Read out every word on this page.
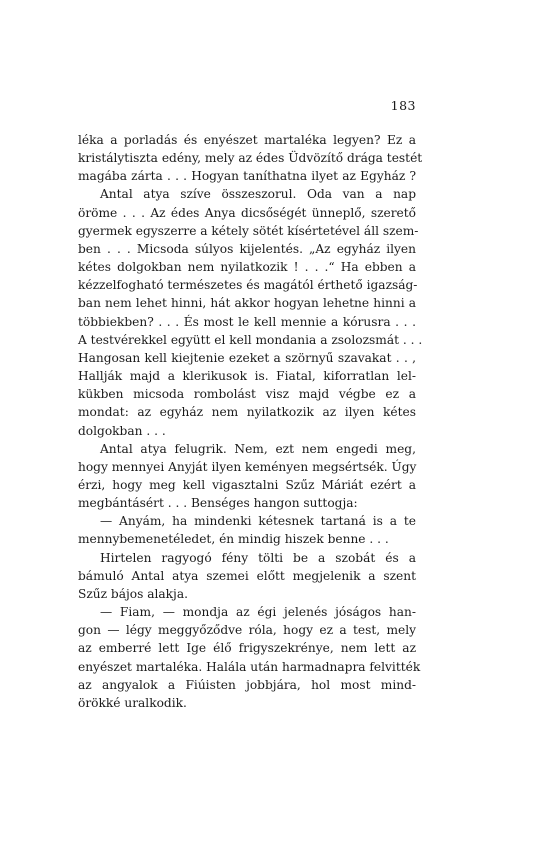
183
léka a porladás és enyészet martaléka legyen? Ez a
kristálytiszta edény, mely az édes Üdvözítő drága testét
magába zárta . . . Hogyan taníthatna ilyet az Egyház ?
Antal atya szíve összeszorul. Oda van a nap
öröme . . . Az édes Anya dicsőségét ünneplő, szerető
gyermek egyszerre a kétely sötét kísértetével áll szem-
ben . . . Micsoda súlyos kijelentés. „Az egyház ilyen
kétes dolgokban nem nyilatkozik ! . . .“ Ha ebben a
kézzelfogható természetes és magától érthető igazság-
ban nem lehet hinni, hát akkor hogyan lehetne hinni a
többiekben? . . . És most le kell mennie a kórusra . . .
A testvérekkel együtt el kell mondania a zsolozsmát . . .
Hangosan kell kiejtenie ezeket a szörnyű szavakat . . ,
Hallják majd a klerikusok is. Fiatal, kiforratlan lel-
kükben micsoda rombolást visz majd végbe ez a
mondat: az egyház nem nyilatkozik az ilyen kétes
dolgokban . . .
Antal atya felugrik. Nem, ezt nem engedi meg,
hogy mennyei Anyját ilyen keményen megsértsék. Úgy
érzi, hogy meg kell vigasztalni Szűz Máriát ezért a
megbántásért . . . Benséges hangon suttogja:
— Anyám, ha mindenki kétesnek tartaná is a te
mennybemenetéledet, én mindig hiszek benne . . .
Hirtelen ragyogó fény tölti be a szobát és a
bámuló Antal atya szemei előtt megjelenik a szent
Szűz bájos alakja.
— Fiam, — mondja az égi jelenés jóságos han-
gon — légy meggyőződve róla, hogy ez a test, mely
az emberré lett Ige élő frigyszekrénye, nem lett az
enyészet martaléka. Halála után harmadnapra felvitték
az angyalok a Fiúisten jobbjára, hol most mind-
örökké uralkodik.
